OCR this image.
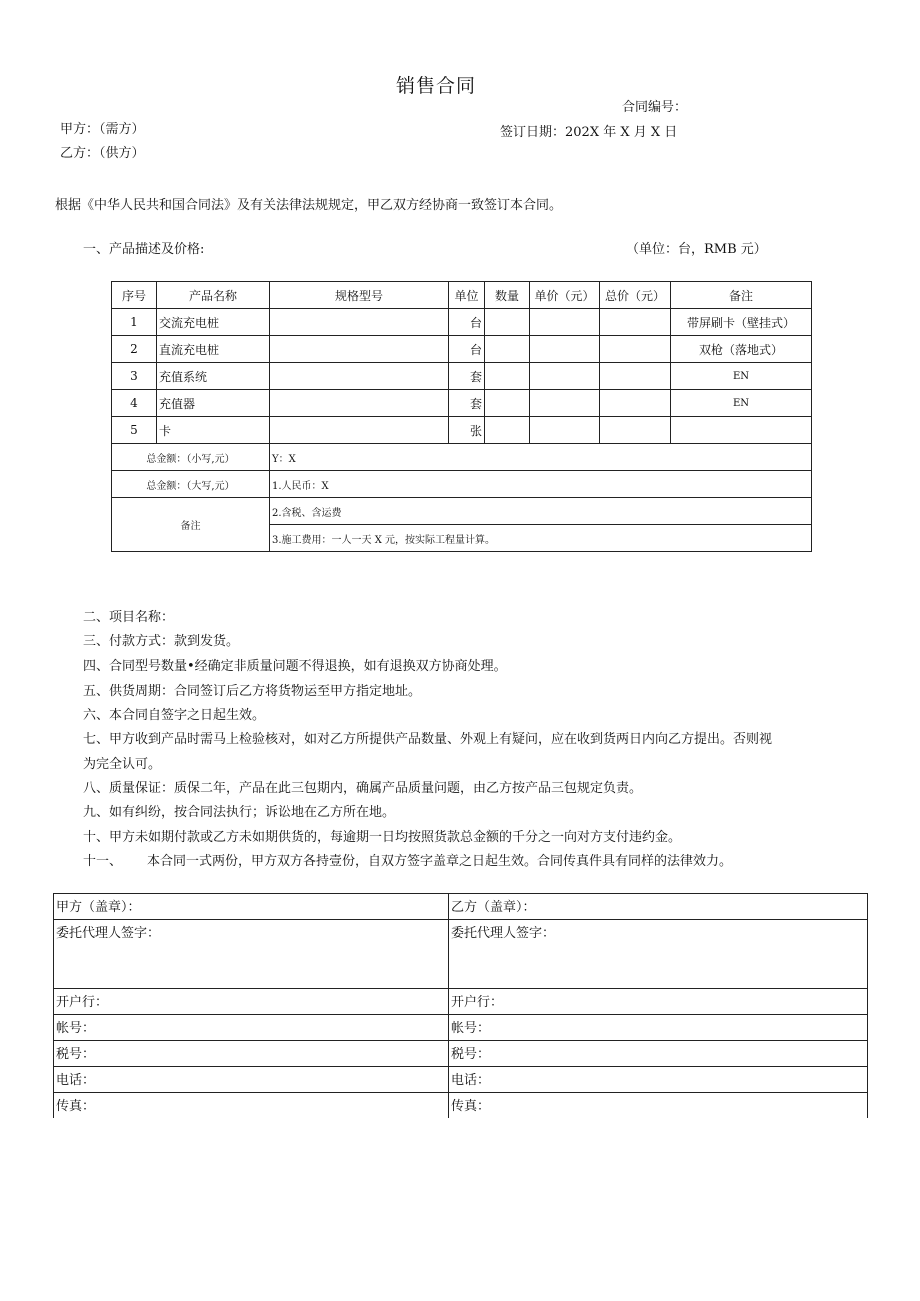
销售合同
合同编号：
甲方：（需方）	签订日期：202X 年 X 月 X 日
乙方：（供方）
根据《中华人民共和国合同法》及有关法律法规规定，甲乙双方经协商一致签订本合同。
一、产品描述及价格:	（单位：台，RMB 元）
序号	产品名称	规格型号	单位	数量	单价（元）	总价（元）	备注
1	交流充电桩		台				带屏刷卡（壁挂式）
2	直流充电桩		台				双枪（落地式）
3	充值系统		套				EN
4	充值器		套				EN
5	卡		张				
总金额：（小写,元）		Y：X					
总金额：（大写,元）		1.人民币：X					
备注		2.含税、含运费					
		3.施工费用：一人一天 X 元，按实际工程量计算。					
二、项目名称：
三、付款方式：款到发货。
四、合同型号数量•经确定非质量问题不得退换，如有退换双方协商处理。
五、供货周期：合同签订后乙方将货物运至甲方指定地址。
六、本合同自签字之日起生效。
七、甲方收到产品时需马上检验核对，如对乙方所提供产品数量、外观上有疑问，应在收到货两日内向乙方提出。否则视
为完全认可。
八、质量保证：质保二年，产品在此三包期内，确属产品质量问题，由乙方按产品三包规定负责。
九、如有纠纷，按合同法执行；诉讼地在乙方所在地。
十、甲方未如期付款或乙方未如期供货的，每逾期一日均按照货款总金额的千分之一向对方支付违约金。
十一、 本合同一式两份，甲方双方各持壹份，自双方签字盖章之日起生效。合同传真件具有同样的法律效力。
甲方（盖章）：	乙方（盖章）：
委托代理人签字：	委托代理人签字：
开户行：	开户行：
帐号：	帐号：
税号：	税号：
电话：	电话：
传真：	传真：
